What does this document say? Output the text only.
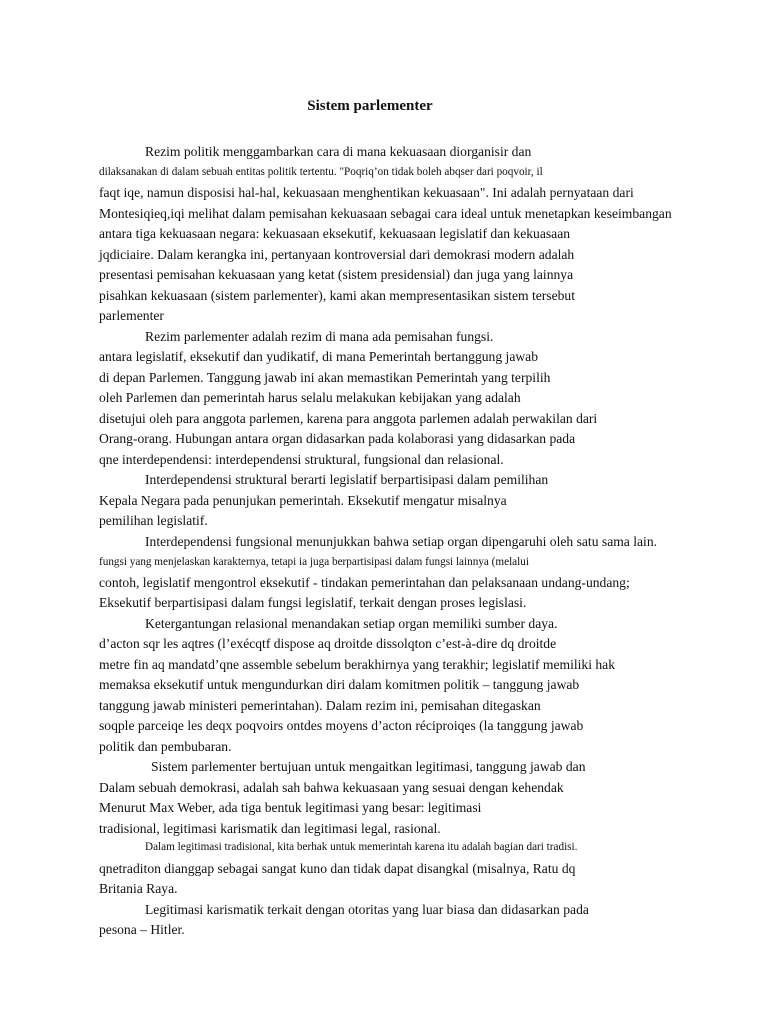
Sistem parlementer
Rezim politik menggambarkan cara di mana kekuasaan diorganisir dan
dilaksanakan di dalam sebuah entitas politik tertentu. "Poqriq’on tidak boleh abqser dari poqvoir, il
faqt iqe, namun disposisi hal-hal, kekuasaan menghentikan kekuasaan". Ini adalah pernyataan dari
Montesiqieq,iqi melihat dalam pemisahan kekuasaan sebagai cara ideal untuk menetapkan keseimbangan
antara tiga kekuasaan negara: kekuasaan eksekutif, kekuasaan legislatif dan kekuasaan
jqdiciaire. Dalam kerangka ini, pertanyaan kontroversial dari demokrasi modern adalah
presentasi pemisahan kekuasaan yang ketat (sistem presidensial) dan juga yang lainnya
pisahkan kekuasaan (sistem parlementer), kami akan mempresentasikan sistem tersebut
parlementer
Rezim parlementer adalah rezim di mana ada pemisahan fungsi.
antara legislatif, eksekutif dan yudikatif, di mana Pemerintah bertanggung jawab
di depan Parlemen. Tanggung jawab ini akan memastikan Pemerintah yang terpilih
oleh Parlemen dan pemerintah harus selalu melakukan kebijakan yang adalah
disetujui oleh para anggota parlemen, karena para anggota parlemen adalah perwakilan dari
Orang-orang. Hubungan antara organ didasarkan pada kolaborasi yang didasarkan pada
qne interdependensi: interdependensi struktural, fungsional dan relasional.
Interdependensi struktural berarti legislatif berpartisipasi dalam pemilihan
Kepala Negara pada penunjukan pemerintah. Eksekutif mengatur misalnya
pemilihan legislatif.
Interdependensi fungsional menunjukkan bahwa setiap organ dipengaruhi oleh satu sama lain.
fungsi yang menjelaskan karakternya, tetapi ia juga berpartisipasi dalam fungsi lainnya (melalui
contoh, legislatif mengontrol eksekutif - tindakan pemerintahan dan pelaksanaan undang-undang;
Eksekutif berpartisipasi dalam fungsi legislatif, terkait dengan proses legislasi.
Ketergantungan relasional menandakan setiap organ memiliki sumber daya.
d’acton sqr les aqtres (l’exécqtf dispose aq droitde dissolqton c’est-à-dire dq droitde
metre fin aq mandatd’qne assemble sebelum berakhirnya yang terakhir; legislatif memiliki hak
memaksa eksekutif untuk mengundurkan diri dalam komitmen politik – tanggung jawab
tanggung jawab ministeri pemerintahan). Dalam rezim ini, pemisahan ditegaskan
soqple parceiqe les deqx poqvoirs ontdes moyens d’acton réciproiqes (la tanggung jawab
politik dan pembubaran.
Sistem parlementer bertujuan untuk mengaitkan legitimasi, tanggung jawab dan
Dalam sebuah demokrasi, adalah sah bahwa kekuasaan yang sesuai dengan kehendak
Menurut Max Weber, ada tiga bentuk legitimasi yang besar: legitimasi
tradisional, legitimasi karismatik dan legitimasi legal, rasional.
Dalam legitimasi tradisional, kita berhak untuk memerintah karena itu adalah bagian dari tradisi.
qnetraditon dianggap sebagai sangat kuno dan tidak dapat disangkal (misalnya, Ratu dq
Britania Raya.
Legitimasi karismatik terkait dengan otoritas yang luar biasa dan didasarkan pada
pesona – Hitler.
